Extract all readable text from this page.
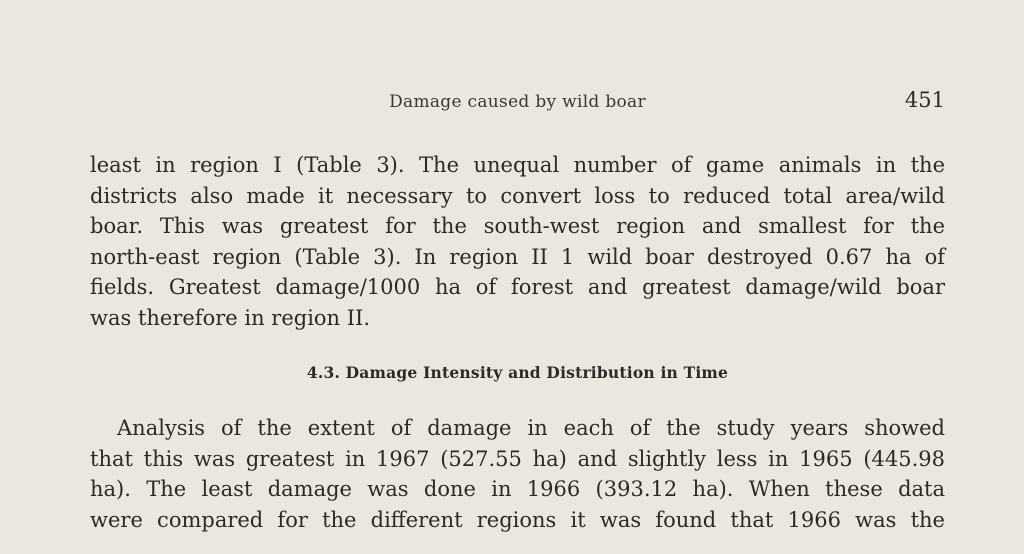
Damage caused by wild boar	451

least in region I (Table 3). The unequal number of game animals in the
districts also made it necessary to convert loss to reduced total area/wild
boar. This was greatest for the south-west region and smallest for the
north-east region (Table 3). In region II 1 wild boar destroyed 0.67 ha of
fields. Greatest damage/1000 ha of forest and greatest damage/wild boar
was therefore in region II.

4.3. Damage Intensity and Distribution in Time

Analysis of the extent of damage in each of the study years showed
that this was greatest in 1967 (527.55 ha) and slightly less in 1965 (445.98
ha). The least damage was done in 1966 (393.12 ha). When these data
were compared for the different regions it was found that 1966 was the
